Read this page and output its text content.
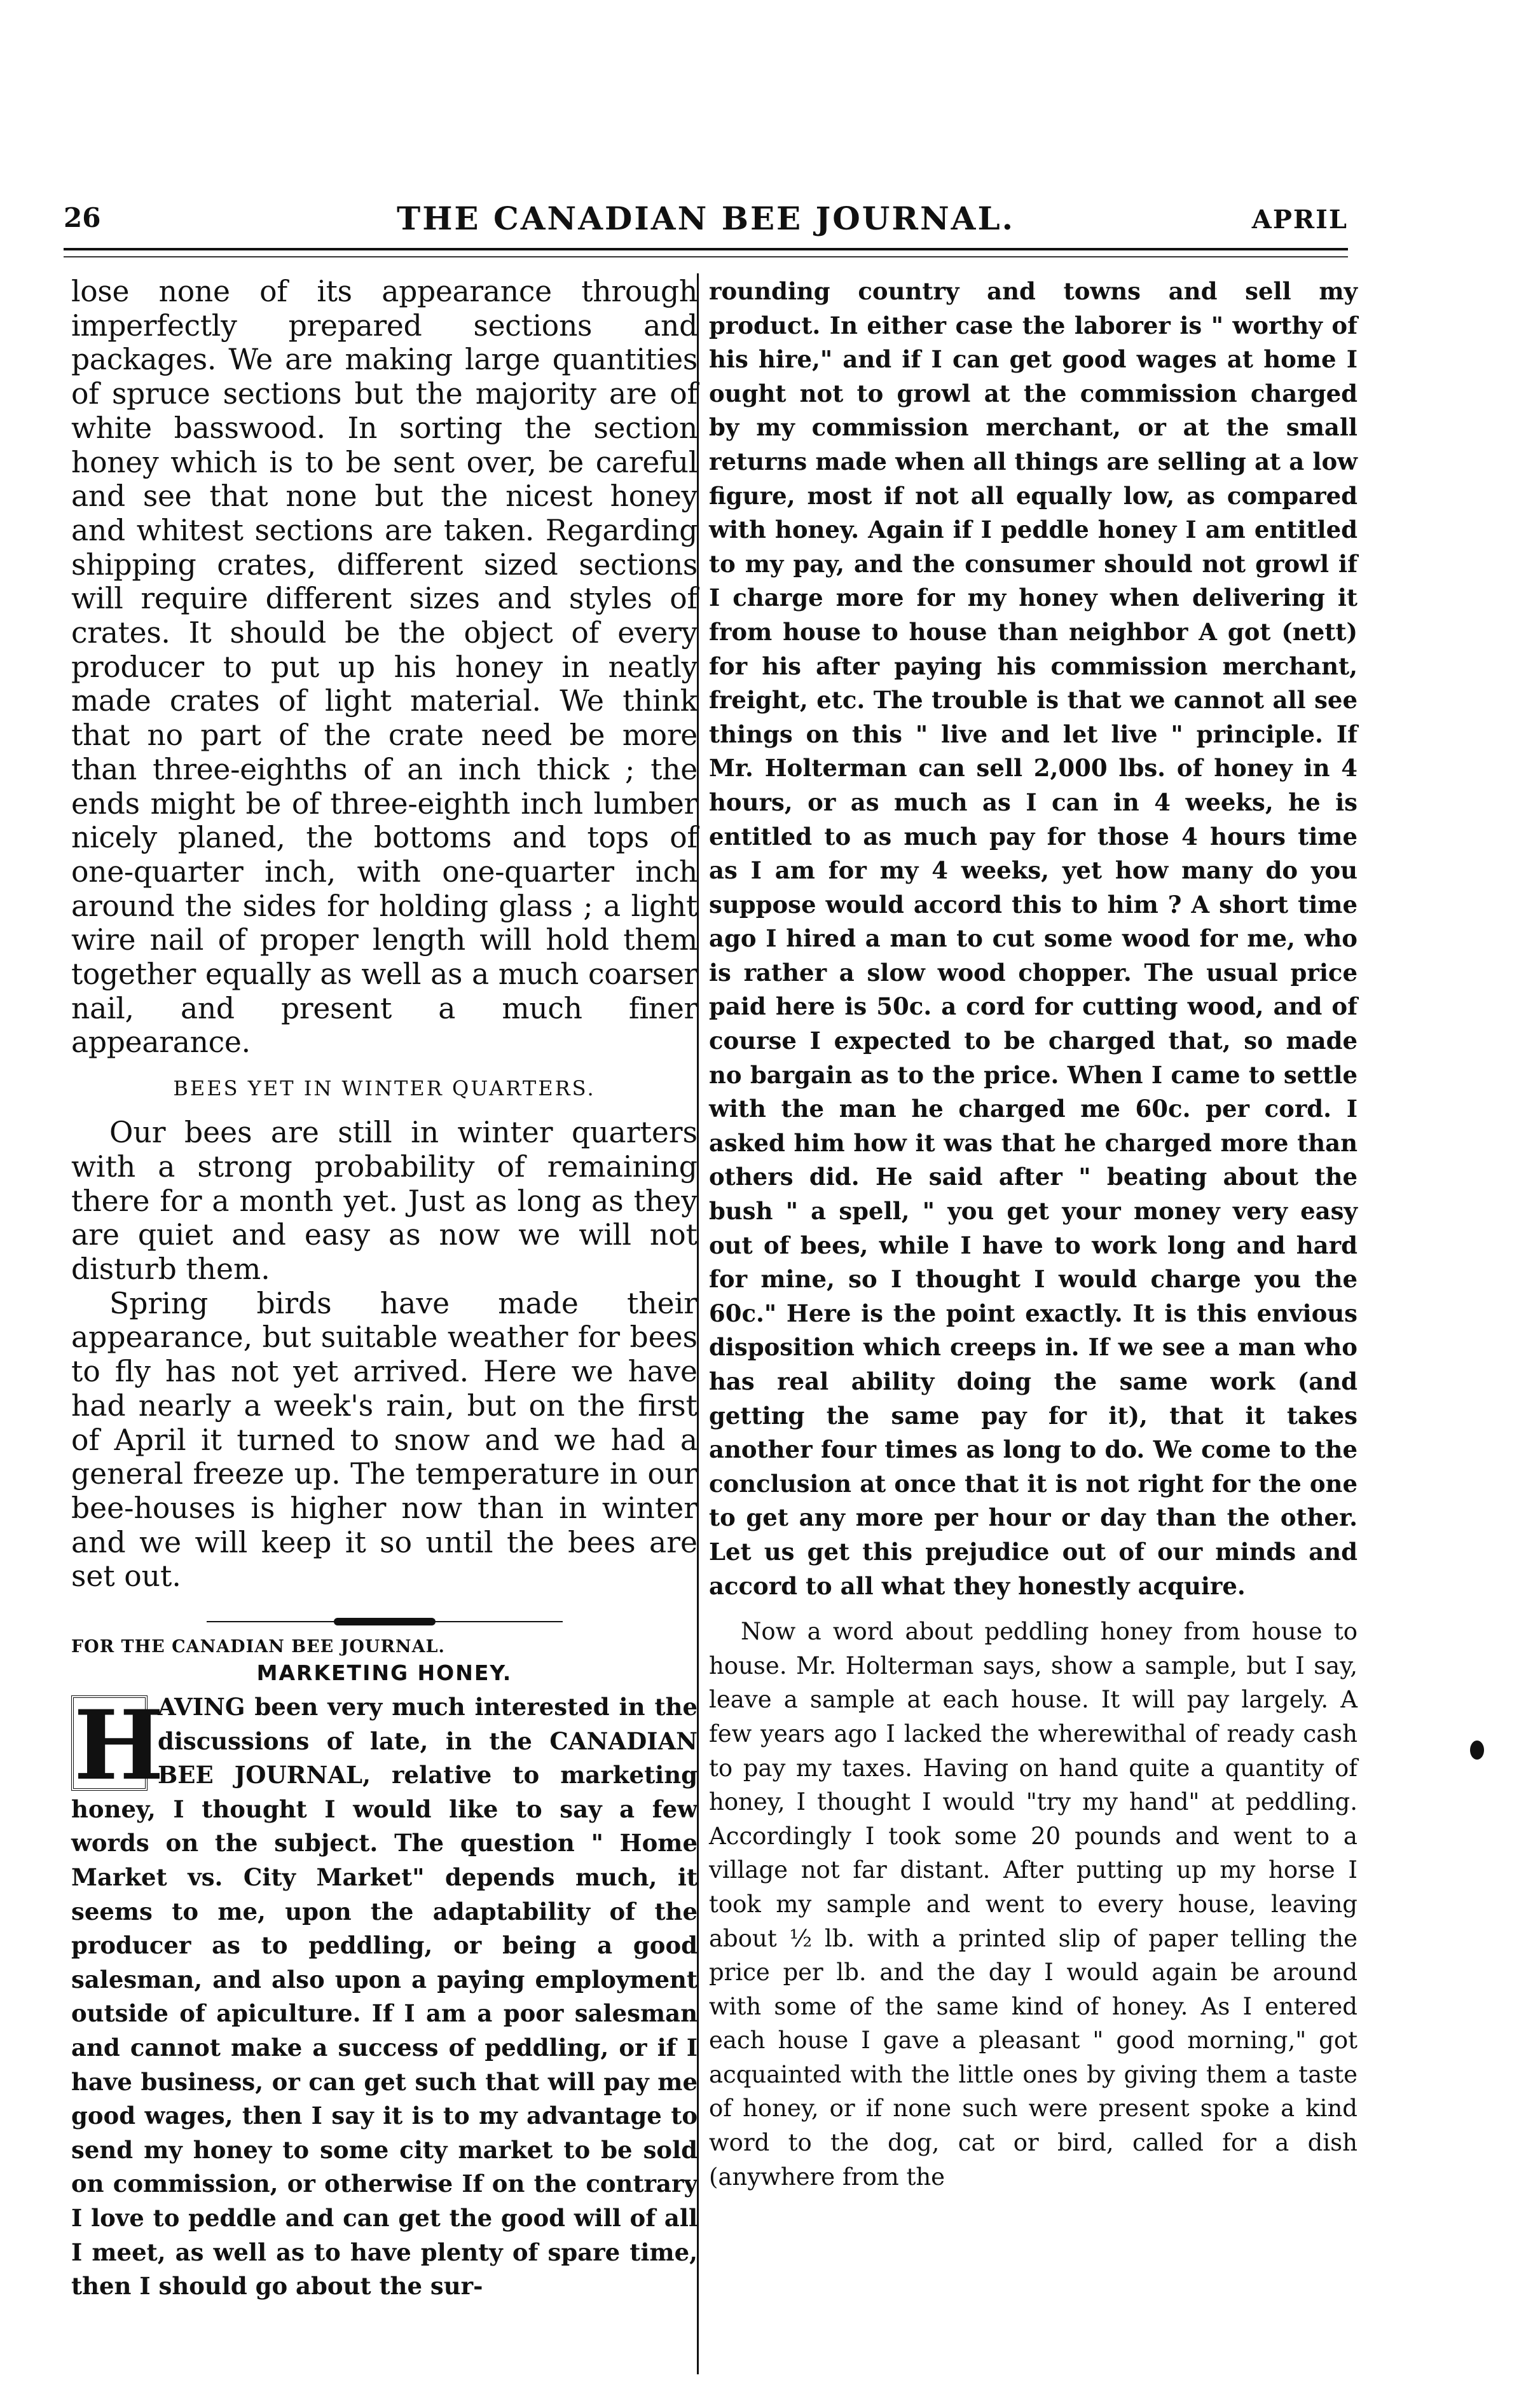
26	THE CANADIAN BEE JOURNAL.	APRIL

lose none of its appearance through imperfectly prepared sections and packages. We are making large quantities of spruce sections but the majority are of white basswood. In sorting the section honey which is to be sent over, be careful and see that none but the nicest honey and whitest sections are taken. Regarding shipping crates, different sized sections will require different sizes and styles of crates. It should be the object of every producer to put up his honey in neatly made crates of light material. We think that no part of the crate need be more than three-eighths of an inch thick ; the ends might be of three-eighth inch lumber nicely planed, the bottoms and tops of one-quarter inch, with one-quarter inch around the sides for holding glass ; a light wire nail of proper length will hold them together equally as well as a much coarser nail, and present a much finer appearance.

BEES YET IN WINTER QUARTERS.

Our bees are still in winter quarters with a strong probability of remaining there for a month yet. Just as long as they are quiet and easy as now we will not disturb them.

Spring birds have made their appearance, but suitable weather for bees to fly has not yet arrived. Here we have had nearly a week's rain, but on the first of April it turned to snow and we had a general freeze up. The temperature in our bee-houses is higher now than in winter and we will keep it so until the bees are set out.

FOR THE CANADIAN BEE JOURNAL.
MARKETING HONEY.
H

AVING been very much interested in the discussions of late, in the CANADIAN BEE JOURNAL, relative to marketing honey, I thought I would like to say a few words on the subject. The question " Home Market vs. City Market" depends much, it seems to me, upon the adaptability of the producer as to peddling, or being a good salesman, and also upon a paying employment outside of apiculture. If I am a poor salesman and cannot make a success of peddling, or if I have business, or can get such that will pay me good wages, then I say it is to my advantage to send my honey to some city market to be sold on commission, or otherwise If on the contrary I love to peddle and can get the good will of all I meet, as well as to have plenty of spare time, then I should go about the sur-

rounding country and towns and sell my product. In either case the laborer is " worthy of his hire," and if I can get good wages at home I ought not to growl at the commission charged by my commission merchant, or at the small returns made when all things are selling at a low figure, most if not all equally low, as compared with honey. Again if I peddle honey I am entitled to my pay, and the consumer should not growl if I charge more for my honey when delivering it from house to house than neighbor A got (nett) for his after paying his commission merchant, freight, etc. The trouble is that we cannot all see things on this " live and let live " principle. If Mr. Holterman can sell 2,000 lbs. of honey in 4 hours, or as much as I can in 4 weeks, he is entitled to as much pay for those 4 hours time as I am for my 4 weeks, yet how many do you suppose would accord this to him ? A short time ago I hired a man to cut some wood for me, who is rather a slow wood chopper. The usual price paid here is 50c. a cord for cutting wood, and of course I expected to be charged that, so made no bargain as to the price. When I came to settle with the man he charged me 60c. per cord. I asked him how it was that he charged more than others did. He said after " beating about the bush " a spell, " you get your money very easy out of bees, while I have to work long and hard for mine, so I thought I would charge you the 60c." Here is the point exactly. It is this envious disposition which creeps in. If we see a man who has real ability doing the same work (and getting the same pay for it), that it takes another four times as long to do. We come to the conclusion at once that it is not right for the one to get any more per hour or day than the other. Let us get this prejudice out of our minds and accord to all what they honestly acquire.

Now a word about peddling honey from house to house. Mr. Holterman says, show a sample, but I say, leave a sample at each house. It will pay largely. A few years ago I lacked the wherewithal of ready cash to pay my taxes. Having on hand quite a quantity of honey, I thought I would "try my hand" at peddling. Accordingly I took some 20 pounds and went to a village not far distant. After putting up my horse I took my sample and went to every house, leaving about ½ lb. with a printed slip of paper telling the price per lb. and the day I would again be around with some of the same kind of honey. As I entered each house I gave a pleasant " good morning," got acquainted with the little ones by giving them a taste of honey, or if none such were present spoke a kind word to the dog, cat or bird, called for a dish (anywhere from the
